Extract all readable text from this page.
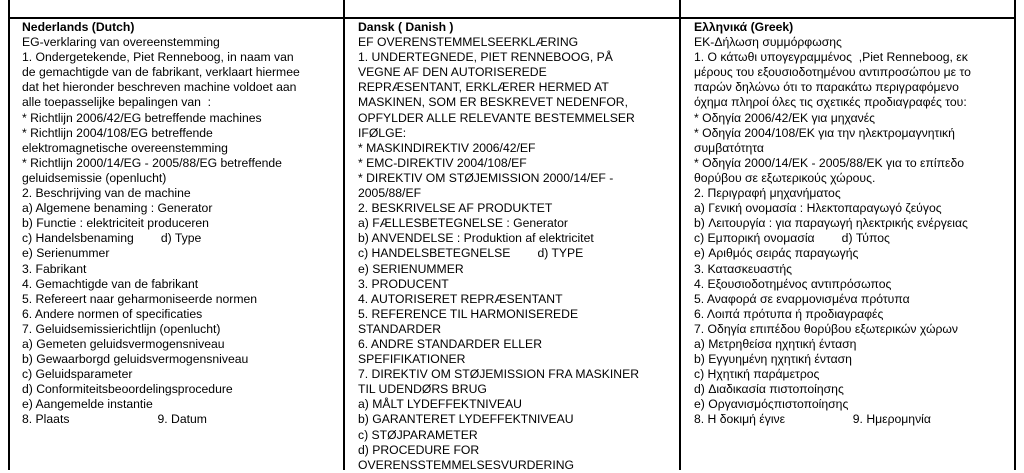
Nederlands (Dutch)
EG-verklaring van overeenstemming
1. Ondergetekende, Piet Renneboog, in naam van
de gemachtigde van de fabrikant, verklaart hiermee
dat het hieronder beschreven machine voldoet aan
alle toepasselijke bepalingen van  :
* Richtlijn 2006/42/EG betreffende machines
* Richtlijn 2004/108/EG betreffende
elektromagnetische overeenstemming
* Richtlijn 2000/14/EG - 2005/88/EG betreffende
geluidsemissie (openlucht)
2. Beschrijving van de machine
a) Algemene benaming : Generator
b) Functie : elektriciteit produceren
c) Handelsbenaming        d) Type
e) Serienummer
3. Fabrikant
4. Gemachtigde van de fabrikant
5. Refereert naar geharmoniseerde normen
6. Andere normen of specificaties
7. Geluidsemissierichtlijn (openlucht)
a) Gemeten geluidsvermogensniveau
b) Gewaarborgd geluidsvermogensniveau
c) Geluidsparameter
d) Conformiteitsbeoordelingsprocedure
e) Aangemelde instantie
8. Plaats                          9. Datum
Dansk ( Danish )
EF OVERENSTEMMELSEERKLÆRING
1. UNDERTEGNEDE, PIET RENNEBOOG, PÅ
VEGNE AF DEN AUTORISEREDE
REPRÆSENTANT, ERKLÆRER HERMED AT
MASKINEN, SOM ER BESKREVET NEDENFOR,
OPFYLDER ALLE RELEVANTE BESTEMMELSER
IFØLGE:
* MASKINDIREKTIV 2006/42/EF
* EMC-DIREKTIV 2004/108/EF
* DIREKTIV OM STØJEMISSION 2000/14/EF -
2005/88/EF
2. BESKRIVELSE AF PRODUKTET
a) FÆLLESBETEGNELSE : Generator
b) ANVENDELSE : Produktion af elektricitet
c) HANDELSBETEGNELSE        d) TYPE
e) SERIENUMMER
3. PRODUCENT
4. AUTORISERET REPRÆSENTANT
5. REFERENCE TIL HARMONISEREDE
STANDARDER
6. ANDRE STANDARDER ELLER
SPEFIFIKATIONER
7. DIREKTIV OM STØJEMISSION FRA MASKINER
TIL UDENDØRS BRUG
a) MÅLT LYDEFFEKTNIVEAU
b) GARANTERET LYDEFFEKTNIVEAU
c) STØJPARAMETER
d) PROCEDURE FOR
OVERENSSTEMMELSESVURDERING
Ελληνικά (Greek)
ΕΚ-Δήλωση συμμόρφωσης
1. Ο κάτωθι υπογεγραμμένος  ,Piet Renneboog, εκ
μέρους του εξουσιοδοτημένου αντιπροσώπου με το
παρών δηλώνω ότι το παρακάτω περιγραφόμενο
όχημα πληροί όλες τις σχετικές προδιαγραφές του:
* Οδηγία 2006/42/ΕΚ για μηχανές
* Οδηγία 2004/108/ΕΚ για την ηλεκτρομαγνητική
συμβατότητα
* Οδηγία 2000/14/ΕΚ - 2005/88/ΕΚ για το επίπεδο
θορύβου σε εξωτερικούς χώρους.
2. Περιγραφή μηχανήματος
a) Γενική ονομασία : Ηλεκτοπαραγωγό ζεύγος
b) Λειτουργία : για παραγωγή ηλεκτρικής ενέργειας
c) Εμπορική ονομασία        d) Τύπος
e) Αριθμός σειράς παραγωγής
3. Κατασκευαστής
4. Εξουσιοδοτημένος αντιπρόσωπος
5. Αναφορά σε εναρμονισμένα πρότυπα
6. Λοιπά πρότυπα ή προδιαγραφές
7. Οδηγία επιπέδου θορύβου εξωτερικών χώρων
a) Μετρηθείσα ηχητική ένταση
b) Εγγυημένη ηχητική ένταση
c) Ηχητική παράμετρος
d) Διαδικασία πιστοποίησης
e) Οργανισμόςπιστοποίησης
8. Η δοκιμή έγινε                    9. Ημερομηνία
